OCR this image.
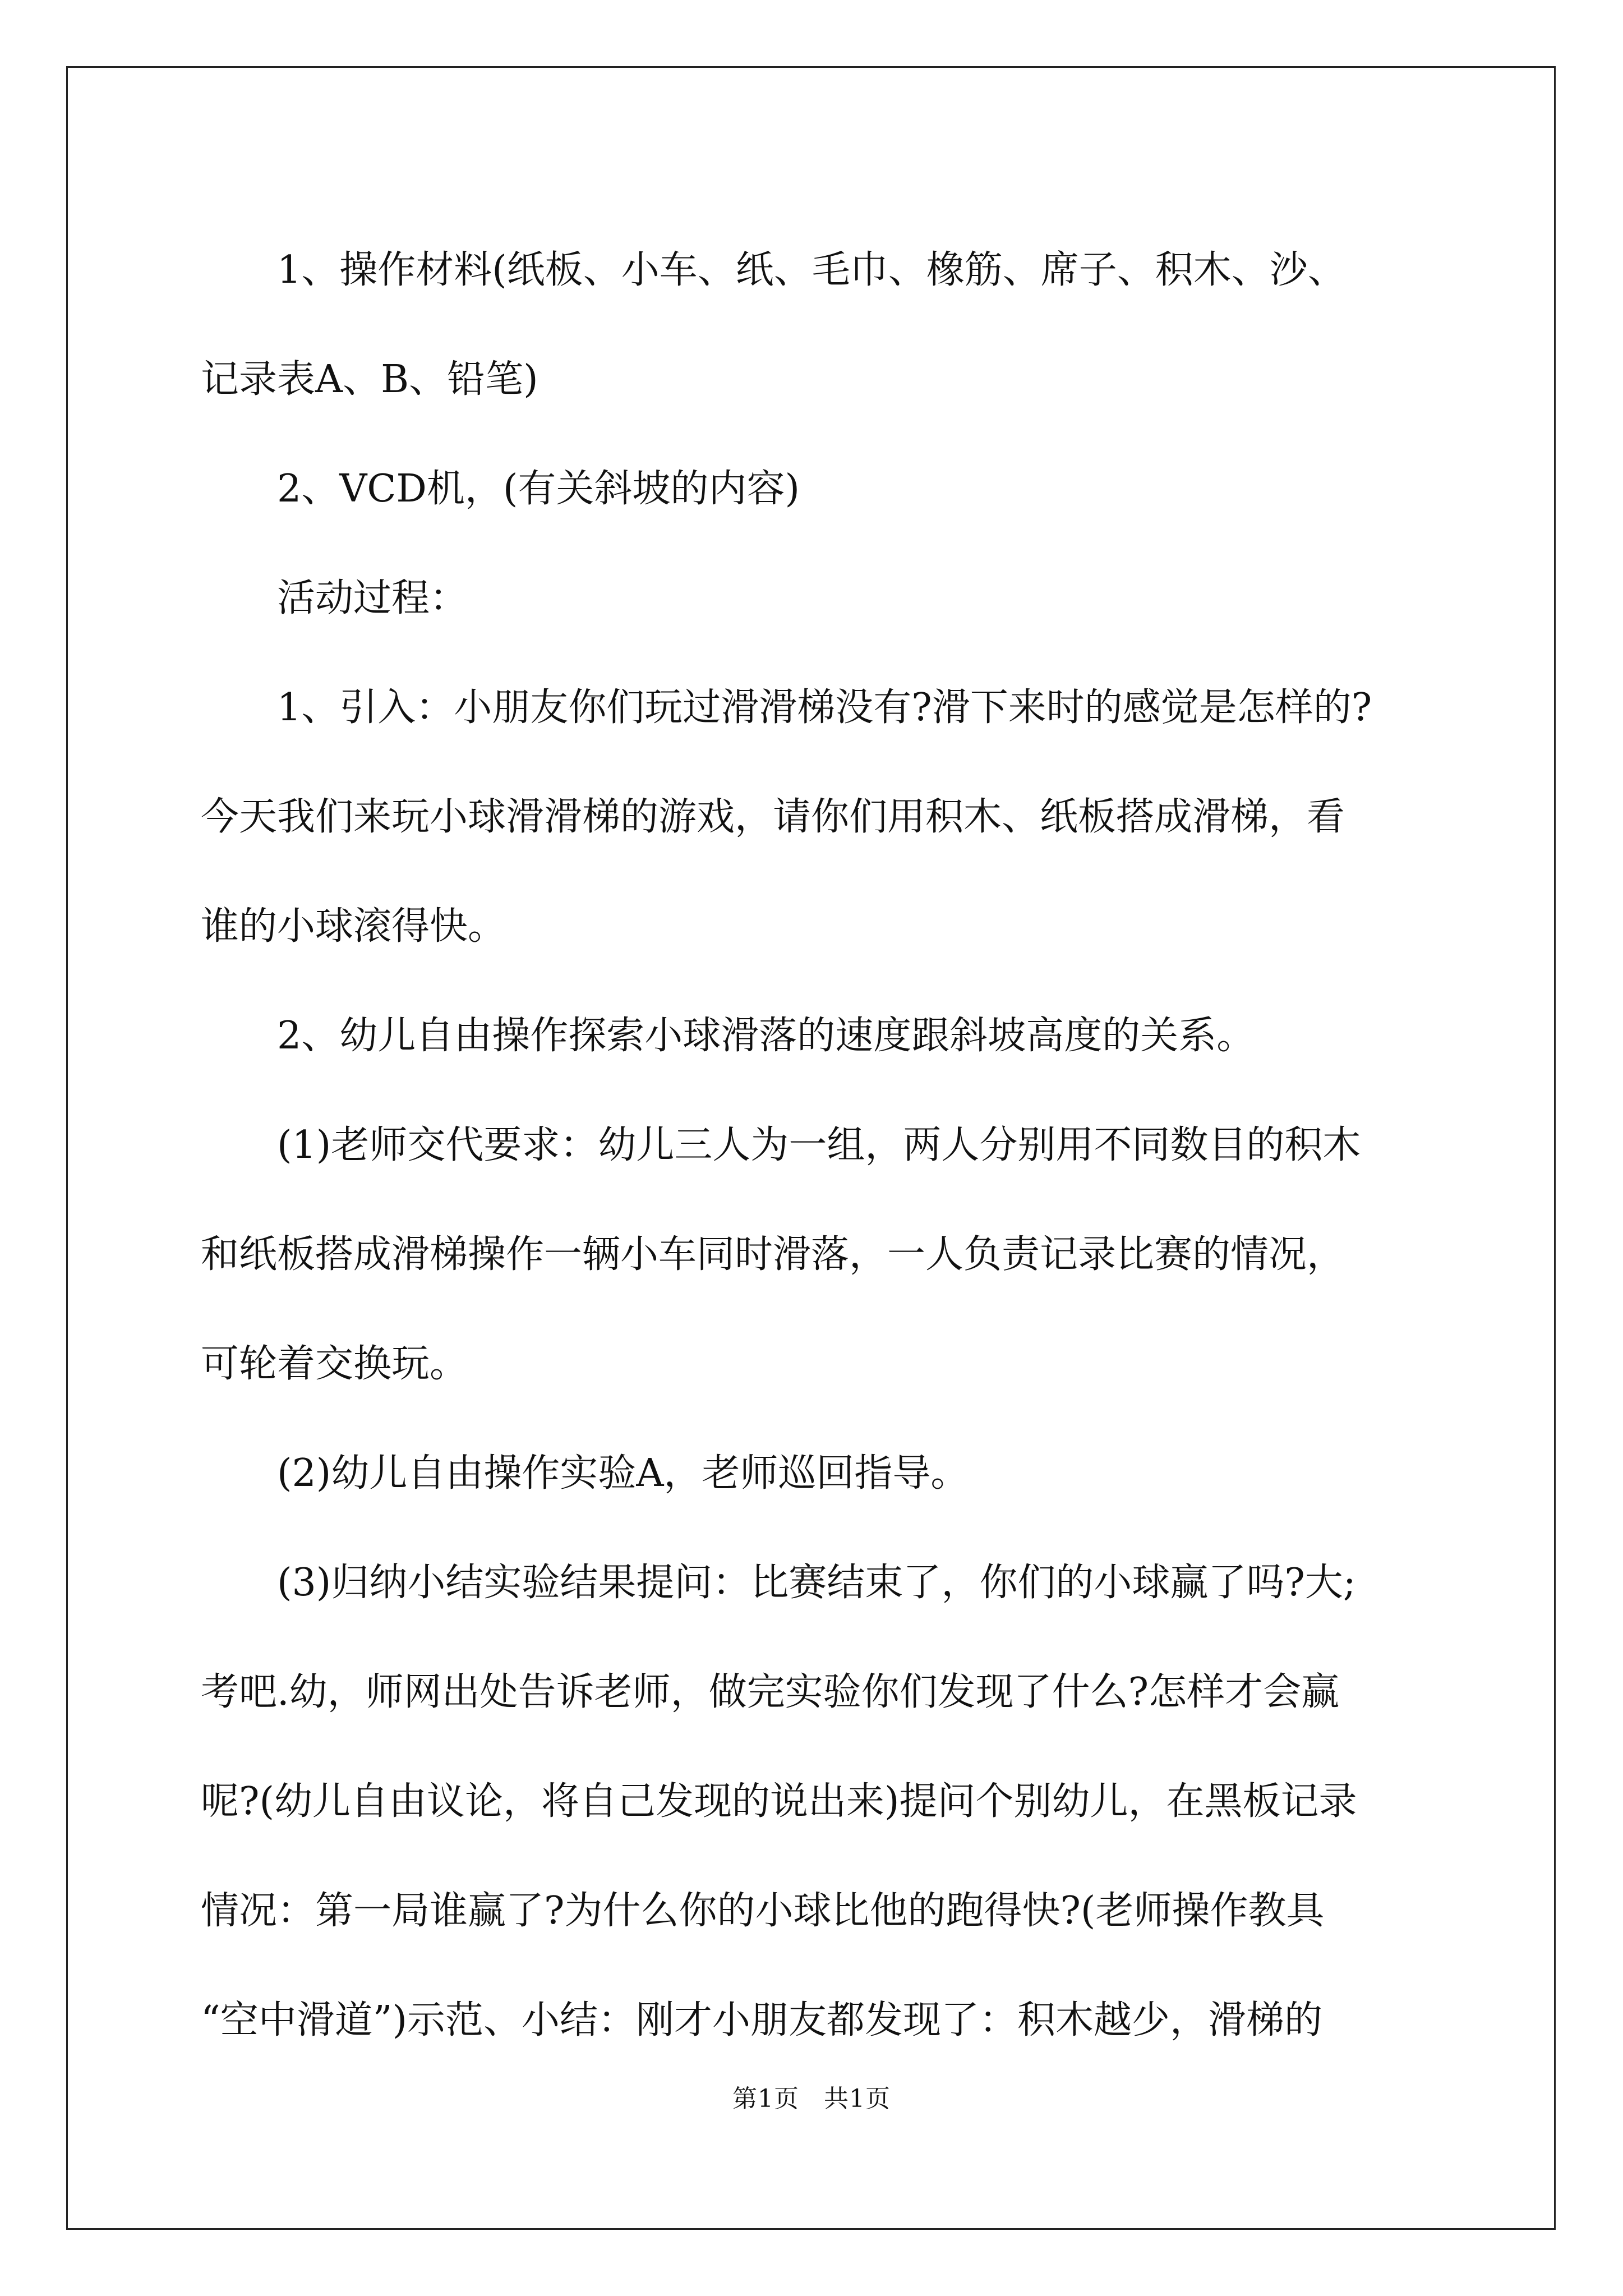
1、操作材料(纸板、小车、纸、毛巾、橡筋、席子、积木、沙、

记录表A、B、铅笔)

2、VCD机，(有关斜坡的内容)

活动过程：

1、引入：小朋友你们玩过滑滑梯没有?滑下来时的感觉是怎样的?

今天我们来玩小球滑滑梯的游戏，请你们用积木、纸板搭成滑梯，看

谁的小球滚得快。

2、幼儿自由操作探索小球滑落的速度跟斜坡高度的关系。

(1)老师交代要求：幼儿三人为一组，两人分别用不同数目的积木

和纸板搭成滑梯操作一辆小车同时滑落，一人负责记录比赛的情况，

可轮着交换玩。

(2)幼儿自由操作实验A，老师巡回指导。

(3)归纳小结实验结果提问：比赛结束了，你们的小球赢了吗?大;

考吧.幼，师网出处告诉老师，做完实验你们发现了什么?怎样才会赢

呢?(幼儿自由议论，将自己发现的说出来)提问个别幼儿，在黑板记录

情况：第一局谁赢了?为什么你的小球比他的跑得快?(老师操作教具

“空中滑道”)示范、小结：刚才小朋友都发现了：积木越少，滑梯的

第1页 共1页
